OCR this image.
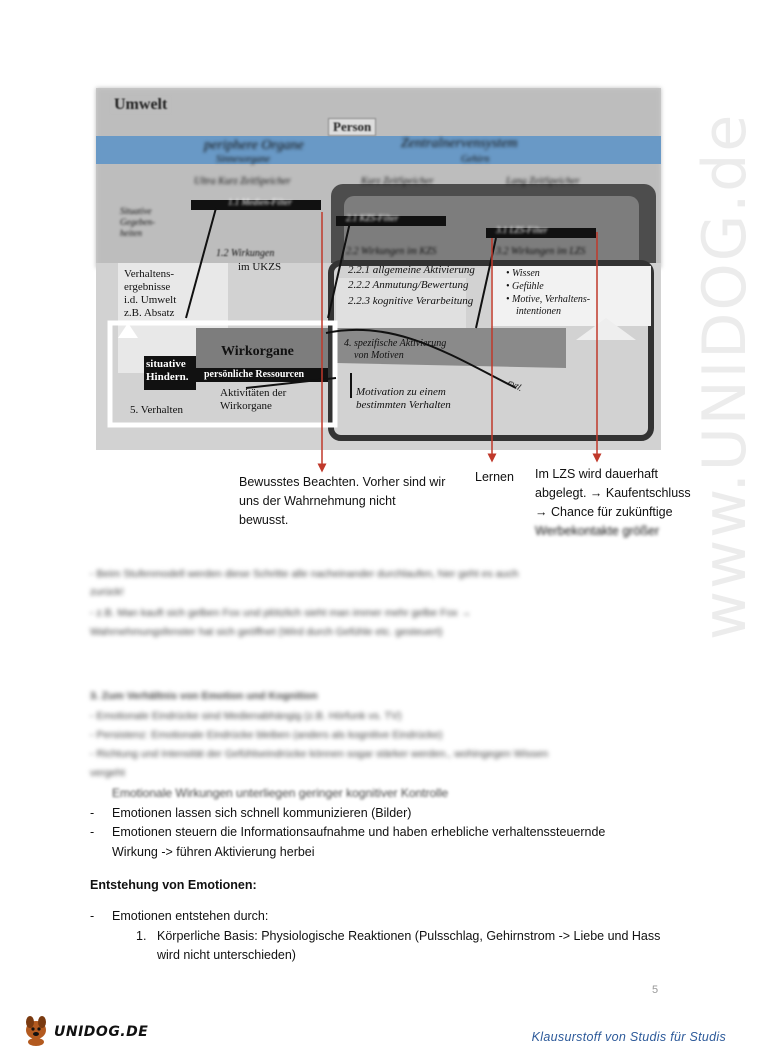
www.UNIDOG.de
Umwelt
Person
periphere Organe	Zentralnervensystem
Sinnesorgane	Gehirn
Ultra Kurz ZeitSpeicher	Kurz ZeitSpeicher	Lang ZeitSpeicher
1.1 Medien-Filter
2.1 KZS-Filter
3.1 LZS-Filter
Situative Gegeben-heiten
1.2 Wirkungen
im UKZS
2.2 Wirkungen im KZS	3.2 Wirkungen im LZS
Verhaltens-
ergebnisse
i.d. Umwelt
z.B. Absatz
2.2.1 allgemeine Aktivierung
2.2.2 Anmutung/Bewertung
2.2.3 kognitive Verarbeitung
• Wissen
• Gefühle
• Motive, Verhaltens-
intentionen
Wirkorgane
persönliche Ressourcen
situative
Hindern.
Aktivitäten der
Wirkorgane
4. spezifische Aktivierung
von Motiven
Motivation zu einem
bestimmten Verhalten
5. Verhalten
evtl.
Bewusstes Beachten. Vorher sind wir
uns der Wahrnehmung nicht
bewusst.
Lernen Im LZS wird dauerhaft
abgelegt. → Kaufentschluss
→ Chance für zukünftige
Werbekontakte größer
- Beim Stufenmodell werden diese Schritte alle nacheinander durchlaufen, hier geht es auch
zurück!
- z.B. Man kauft sich gelben Fox und plötzlich sieht man immer mehr gelbe Fox →
Wahrnehmungsfenster hat sich geöffnet (Wird durch Gefühle etc. gesteuert)
3. Zum Verhältnis von Emotion und Kognition
- Emotionale Eindrücke sind Medienabhängig (z.B. Hörfunk vs. TV)
- Persistenz: Emotionale Eindrücke bleiben (anders als kognitive Eindrücke)
- Richtung und Intensität der Gefühlseindrücke können sogar stärker werden., wohingegen Wissen
vergeht
Emotionale Wirkungen unterliegen geringer kognitiver Kontrolle
- Emotionen lassen sich schnell kommunizieren (Bilder)
- Emotionen steuern die Informationsaufnahme und haben erhebliche verhaltenssteuernde
Wirkung -> führen Aktivierung herbei
Entstehung von Emotionen:
- Emotionen entstehen durch:
1. Körperliche Basis: Physiologische Reaktionen (Pulsschlag, Gehirnstrom -> Liebe und Hass
wird nicht unterschieden)
5
UNIDOG.DE	Klausurstoff von Studis für Studis
